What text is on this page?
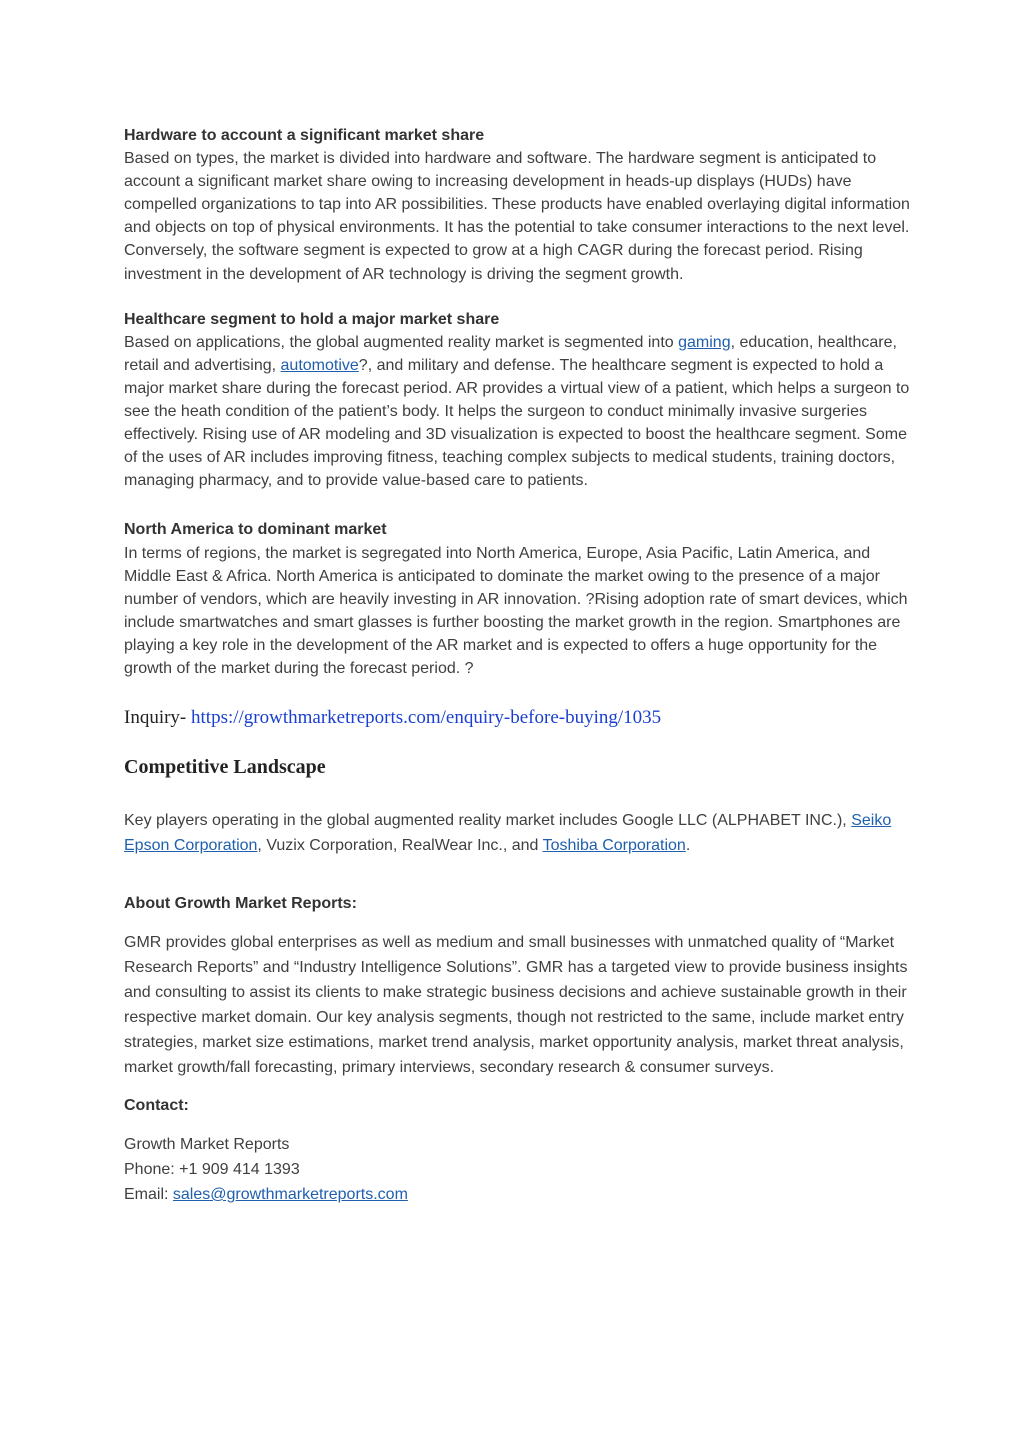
Hardware to account a significant market share

Based on types, the market is divided into hardware and software. The hardware segment is anticipated to account a significant market share owing to increasing development in heads-up displays (HUDs) have compelled organizations to tap into AR possibilities. These products have enabled overlaying digital information and objects on top of physical environments. It has the potential to take consumer interactions to the next level. Conversely, the software segment is expected to grow at a high CAGR during the forecast period. Rising investment in the development of AR technology is driving the segment growth.

Healthcare segment to hold a major market share

Based on applications, the global augmented reality market is segmented into gaming, education, healthcare, retail and advertising, automotive?, and military and defense. The healthcare segment is expected to hold a major market share during the forecast period. AR provides a virtual view of a patient, which helps a surgeon to see the heath condition of the patient’s body. It helps the surgeon to conduct minimally invasive surgeries effectively. Rising use of AR modeling and 3D visualization is expected to boost the healthcare segment. Some of the uses of AR includes improving fitness, teaching complex subjects to medical students, training doctors, managing pharmacy, and to provide value-based care to patients.

North America to dominant market

In terms of regions, the market is segregated into North America, Europe, Asia Pacific, Latin America, and Middle East & Africa. North America is anticipated to dominate the market owing to the presence of a major number of vendors, which are heavily investing in AR innovation. ?Rising adoption rate of smart devices, which include smartwatches and smart glasses is further boosting the market growth in the region. Smartphones are playing a key role in the development of the AR market and is expected to offers a huge opportunity for the growth of the market during the forecast period. ?

Inquiry- https://growthmarketreports.com/enquiry-before-buying/1035
Competitive Landscape
Key players operating in the global augmented reality market includes Google LLC (ALPHABET INC.), Seiko Epson Corporation, Vuzix Corporation, RealWear Inc., and Toshiba Corporation.
About Growth Market Reports:
GMR provides global enterprises as well as medium and small businesses with unmatched quality of “Market Research Reports” and “Industry Intelligence Solutions”. GMR has a targeted view to provide business insights and consulting to assist its clients to make strategic business decisions and achieve sustainable growth in their respective market domain. Our key analysis segments, though not restricted to the same, include market entry strategies, market size estimations, market trend analysis, market opportunity analysis, market threat analysis, market growth/fall forecasting, primary interviews, secondary research & consumer surveys.
Contact:
Growth Market Reports
Phone: +1 909 414 1393
Email: sales@growthmarketreports.com
